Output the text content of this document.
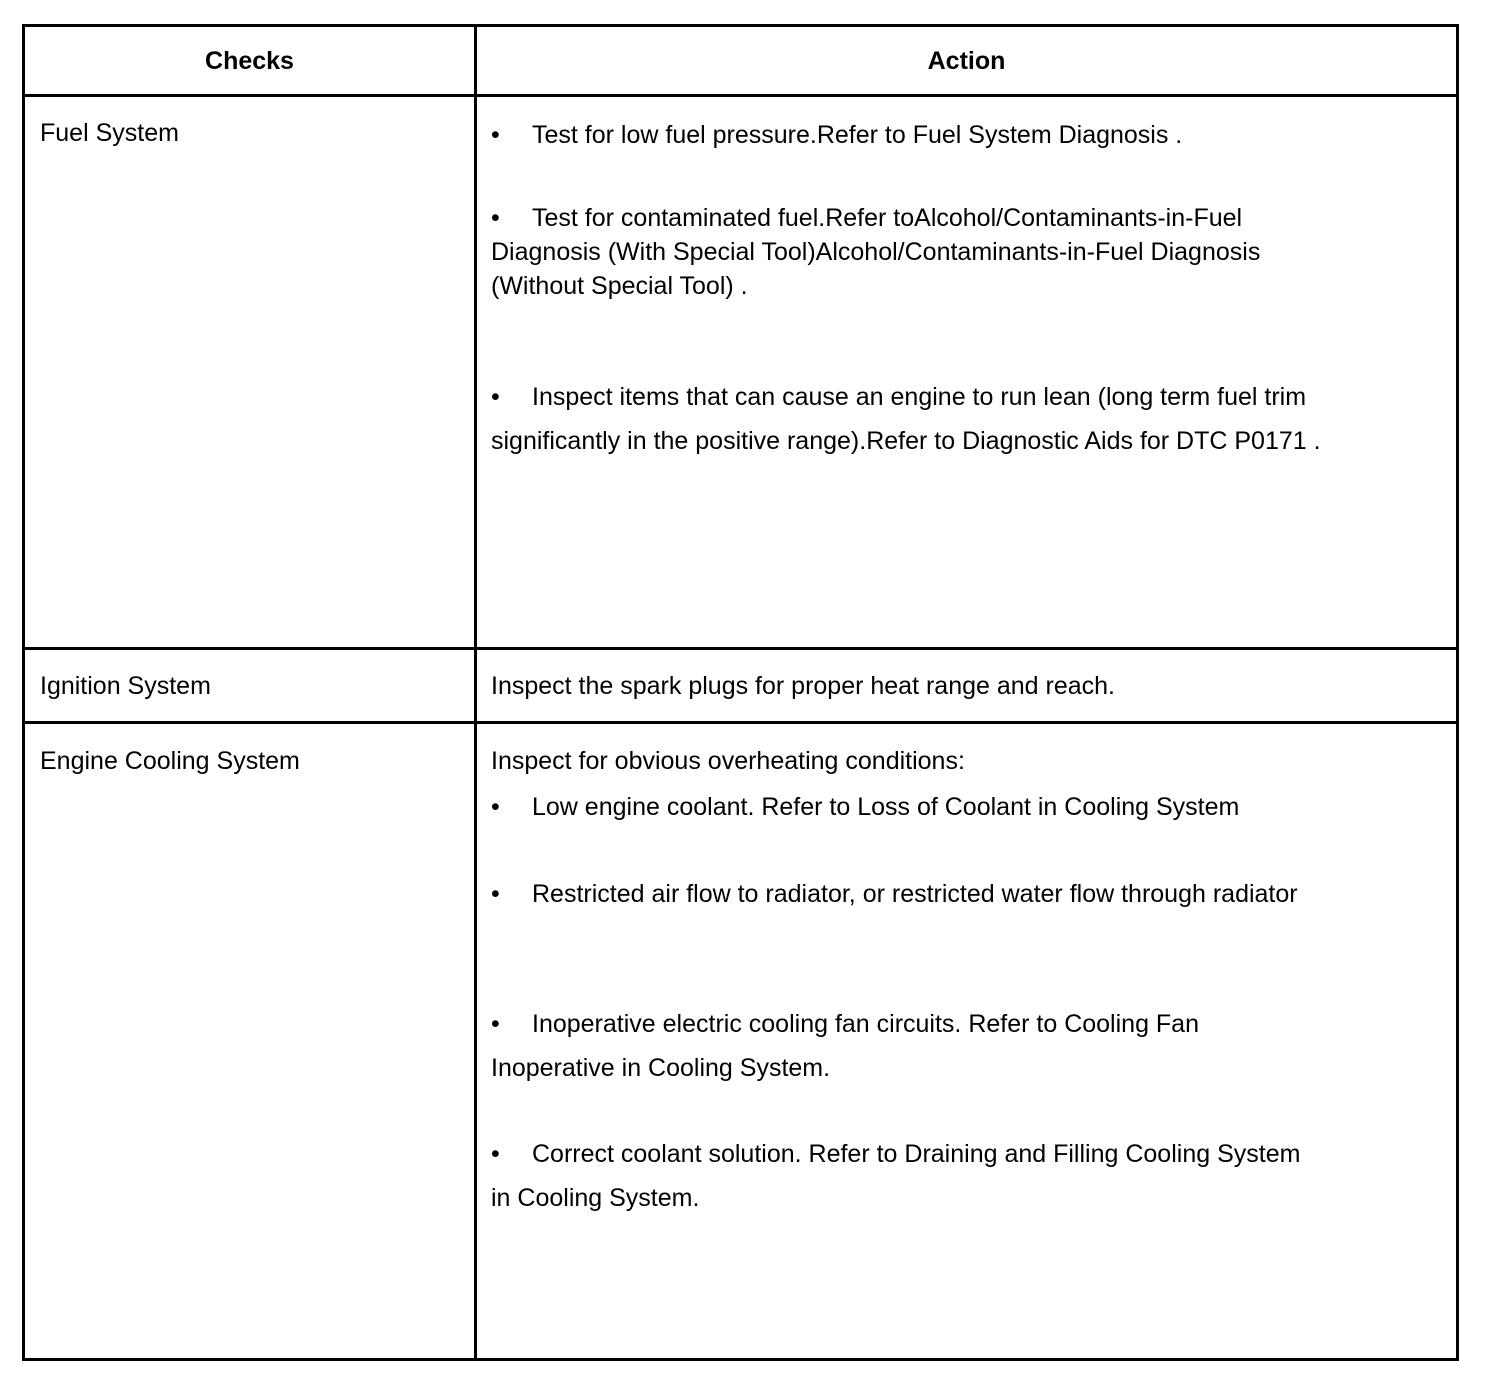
Checks	Action
Fuel System	• Test for low fuel pressure.Refer to Fuel System Diagnosis .
• Test for contaminated fuel.Refer toAlcohol/Contaminants-in-Fuel Diagnosis (With Special Tool)Alcohol/Contaminants-in-Fuel Diagnosis (Without Special Tool) .
• Inspect items that can cause an engine to run lean (long term fuel trim significantly in the positive range).Refer to Diagnostic Aids for DTC P0171 .
Ignition System	Inspect the spark plugs for proper heat range and reach.
Engine Cooling System	Inspect for obvious overheating conditions:
• Low engine coolant. Refer to Loss of Coolant in Cooling System
• Restricted air flow to radiator, or restricted water flow through radiator
• Inoperative electric cooling fan circuits. Refer to Cooling Fan Inoperative in Cooling System.
• Correct coolant solution. Refer to Draining and Filling Cooling System in Cooling System.
